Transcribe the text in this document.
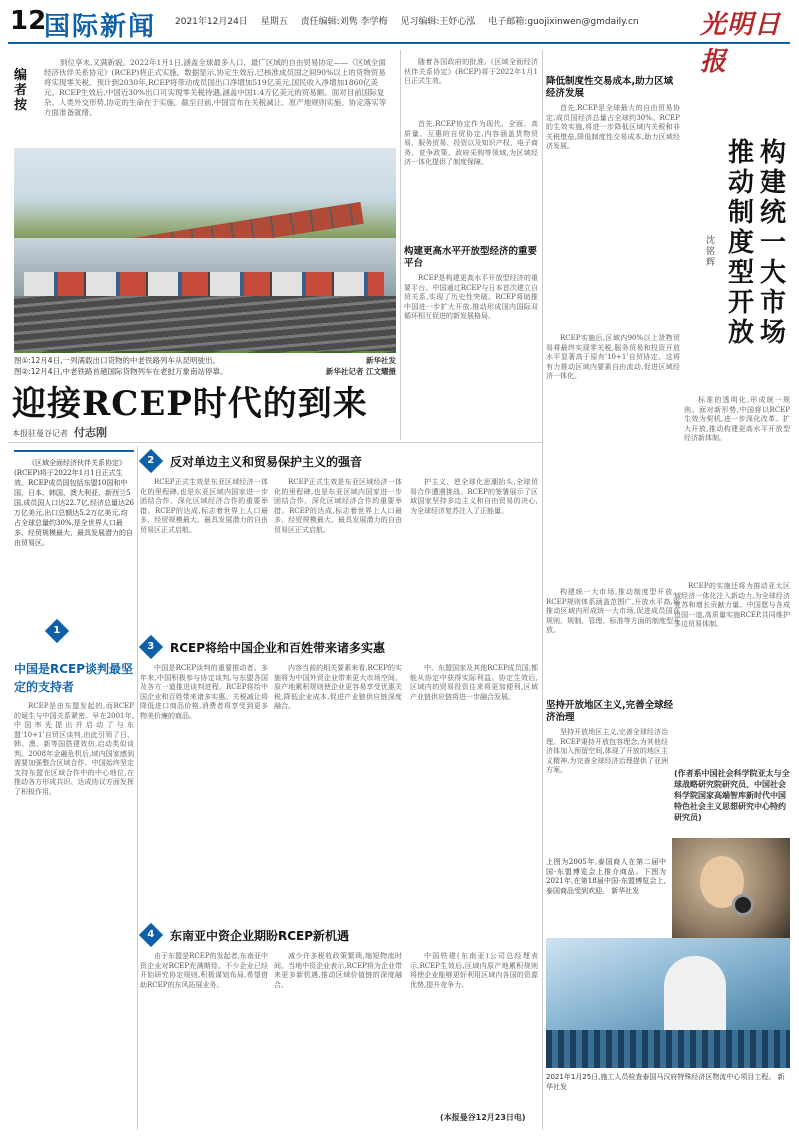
12
国际新闻 2021年12月24日 星期五 责任编辑:刘隽 李学梅 见习编辑:王妤心泓 电子邮箱:guojixinwen@gmdaily.cn	光明日报
编者按
到位享未,又满新貌。2022年1月1日,涵盖全球最多人口、最广区域的自由贸易协定——《区域全面经济伙伴关系协定》(RCEP)将正式实施。数据显示,协定生效后,已核准成员国之间90%以上的货物贸易将实现零关税。预计到2030年,RCEP将带动成员国出口净增加519亿美元,国民收入净增加1860亿美元。RCEP生效后,中国近30%出口可实现零关税待遇,涵盖中国1.4万亿美元的贸易额。面对目前国际复杂、人类外交形势,协定的生命在于实施。截至目前,中国宣布在关税减让、原产地规则实施、协定落实等方面准备就绪。
图①:12月4日,一列满载出口货物的中老铁路列车从昆明驶出。	新华社发
图②:12月4日,中老铁路首趟国际货物列车在老挝万象南站停靠。	新华社记者 江文耀摄
迎接RCEP时代的到来
本报驻曼谷记者 付志刚
《区域全面经济伙伴关系协定》(RCEP)将于2022年1月1日正式生效。RCEP成员国包括东盟10国和中国、日本、韩国、澳大利亚、新西兰5国,成员国人口达22.7亿,经济总量达26万亿美元,出口总额达5.2万亿美元,均占全球总量约30%,是全世界人口最多、经贸规模最大、最具发展潜力的自由贸易区。
1
中国是RCEP谈判最坚定的支持者
RCEP是由东盟发起的,而RCEP的诞生与中国关系紧密。早在2001年,中国率先提出并启动了与东盟'10+1'自贸区谈判,由此引领了日、韩、澳、新等国搭建效仿,启动类似谈判。2008年金融危机后,域内国家感到需要加强整合区域合作。中国始终坚定支持东盟在区域合作中的中心地位,在推动各方形成共识、达成协议方面发挥了积极作用。
2	反对单边主义和贸易保护主义的强音
RCEP正式生效是东亚区域经济一体化的里程碑,也是东亚区域内国家进一步团结合作、深化区域经济合作的重要举措。RCEP的达成,标志着世界上人口最多、经贸规模最大、最具发展潜力的自由贸易区正式启航。
RCEP正式生效是东亚区域经济一体化的里程碑,也是东亚区域内国家进一步团结合作、深化区域经济合作的重要举措。RCEP的达成,标志着世界上人口最多、经贸规模最大、最具发展潜力的自由贸易区正式启航。
护主义、逆全球化思潮抬头,全球贸易合作遭遇挑战。RCEP的签署展示了区域国家坚持多边主义和自由贸易的决心,为全球经济复苏注入了正能量。
3	RCEP将给中国企业和百姓带来诸多实惠
中国是RCEP谈判的重要推动者。多年来,中国积极参与协定谈判,与东盟各国及各方一道推进谈判进程。RCEP将给中国企业和百姓带来诸多实惠。关税减让将降低进口商品价格,消费者将享受到更多物美价廉的商品。
内容当前的相关要素来看,RCEP的实施将为中国外贸企业带来更大市场空间。原产地累积规则使企业更容易享受优惠关税,降低企业成本,促进产业链供应链深度融合。
中、东盟国家及其他RCEP成员国,都能从协定中获得实际利益。协定生效后,区域内的贸易投资往来将更加便利,区域产业链供应链将进一步融合发展。
4	东南亚中资企业期盼RCEP新机遇
由于东盟是RCEP的发起者,东南亚中资企业对RCEP充满期待。不少企业已经开始研究协定规则,积极谋划布局,希望借助RCEP的东风拓展业务。
减少许多税收政策繁琐,缩短物流时间。当地中资企业表示,RCEP将为企业带来更多新机遇,推动区域价值链的深度融合。
中国铁建(东南亚)公司总经理表示,RCEP生效后,区域内原产地累积规则将使企业能够更好利用区域内各国的资源优势,提升竞争力。
(本报曼谷12月23日电)
随着各国政府的批准,《区域全面经济伙伴关系协定》(RCEP)将于2022年1月1日正式生效。
首先,RCEP协定作为现代、全面、高质量、互惠的自贸协定,内容涵盖货物贸易、服务贸易、投资以及知识产权、电子商务、竞争政策、政府采购等领域,为区域经济一体化提供了制度保障。
构建更高水平开放型经济的重要平台
RCEP是构建更高水平开放型经济的重要平台。中国通过RCEP与日本首次建立自贸关系,实现了历史性突破。RCEP将助推中国进一步扩大开放,推动形成国内国际双循环相互促进的新发展格局。
降低制度性交易成本,助力区域经济发展
首先,RCEP是全球最大的自由贸易协定,成员国经济总量占全球约30%。RCEP的生效实施,将进一步降低区域内关税和非关税壁垒,降低制度性交易成本,助力区域经济发展。
RCEP实施后,区域内90%以上货物贸易将最终实现零关税,服务贸易和投资开放水平显著高于原有'10+1'自贸协定。这将有力推动区域内要素自由流动,促进区域经济一体化。
坚持开放地区主义,完善全球经济治理
构建统一大市场,推动制度型开放。RCEP规则体系涵盖范围广,开放水平高,将推动区域内形成统一大市场,促进成员国在规则、规制、管理、标准等方面的制度型开放。
坚持开放地区主义,完善全球经济治理。RCEP秉持开放包容理念,为其他经济体加入预留空间,体现了开放的地区主义精神,为完善全球经济治理提供了亚洲方案。
标准的透明化,形成统一规则。面对新形势,中国将以RCEP生效为契机,进一步深化改革、扩大开放,推动构建更高水平开放型经济新体制。
RCEP的实施还将为推动亚太区域经济一体化注入新动力,为全球经济复苏和增长贡献力量。中国愿与各成员国一道,高质量实施RCEP,共同维护多边贸易体制。
(作者系中国社会科学院亚太与全球战略研究院研究员、中国社会科学院国家高端智库新时代中国特色社会主义思想研究中心特约研究员)
构建统一大市场
推动制度型开放
沈铭辉
2021年1月25日,施工人员检查泰国马汉府特殊经济区物流中心项目工程。 新华社发
上图为2005年,泰国商人在第二届中国-东盟博览会上推介商品。下图为2021年,在第18届中国-东盟博览会上,泰国商品受到欢迎。 新华社发
